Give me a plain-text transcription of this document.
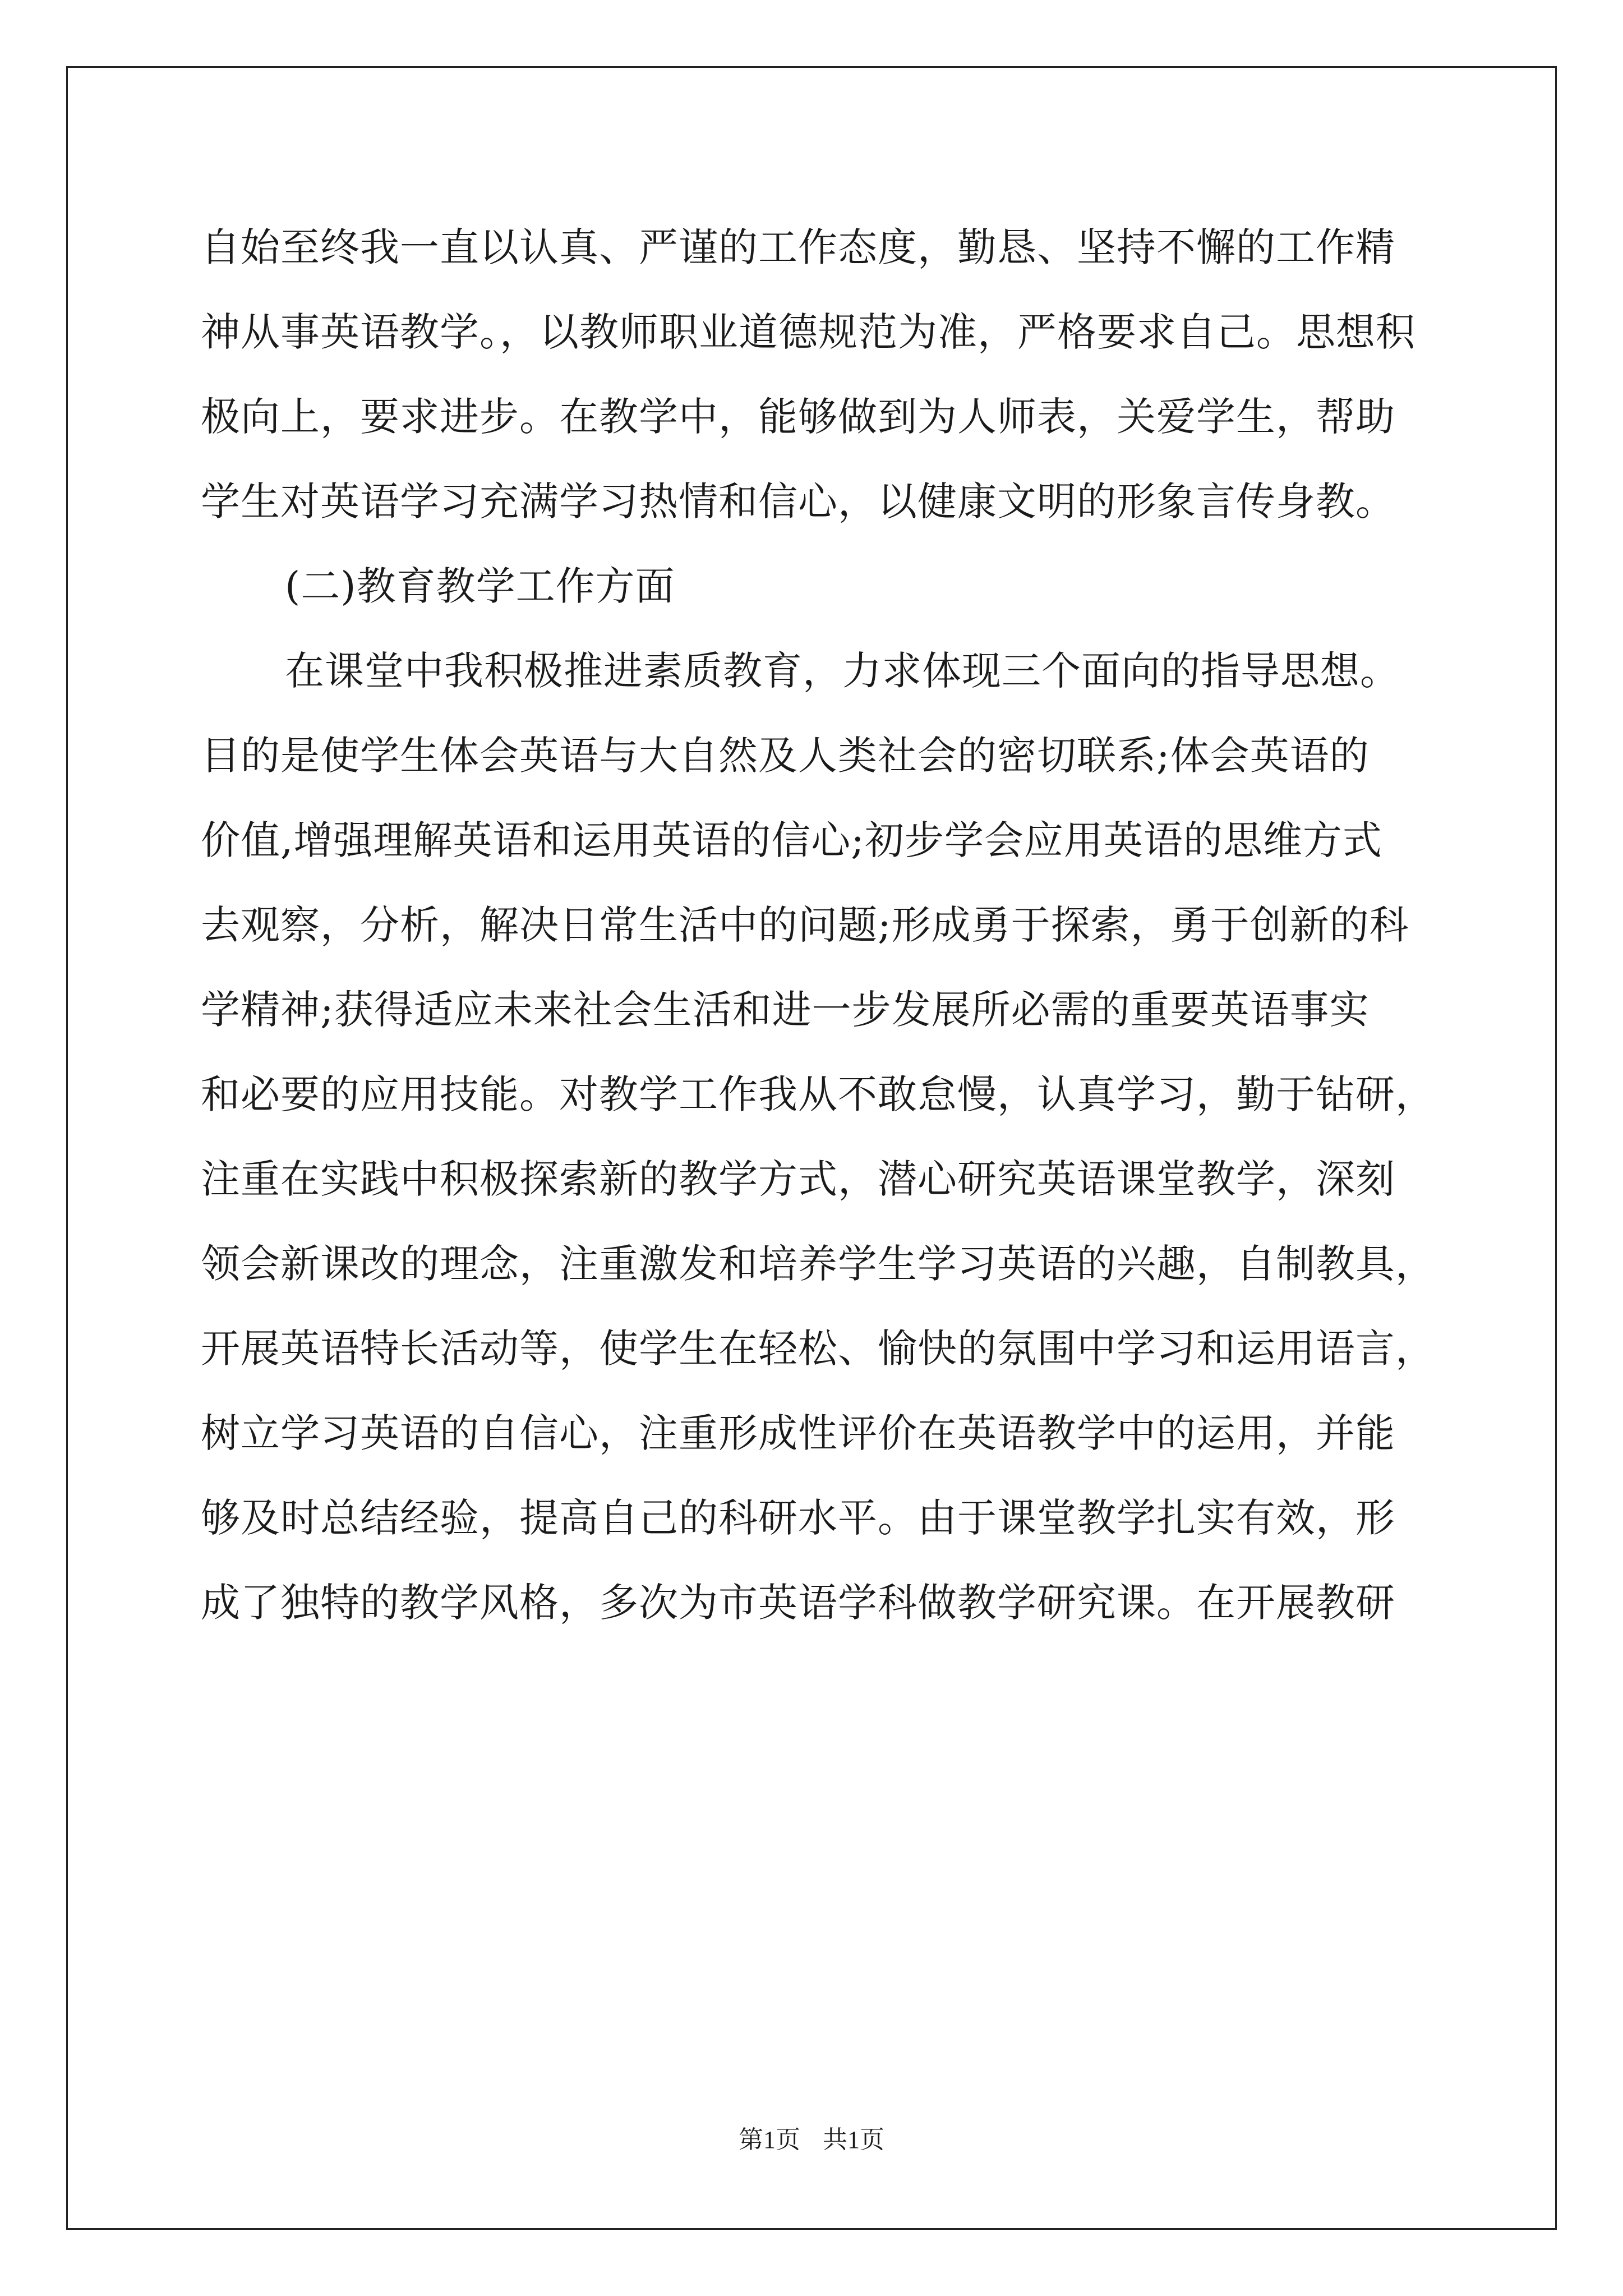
自始至终我一直以认真、严谨的工作态度，勤恳、坚持不懈的工作精
神从事英语教学。，以教师职业道德规范为准，严格要求自己。思想积
极向上，要求进步。在教学中，能够做到为人师表，关爱学生，帮助
学生对英语学习充满学习热情和信心，以健康文明的形象言传身教。
(二)教育教学工作方面
在课堂中我积极推进素质教育，力求体现三个面向的指导思想。
目的是使学生体会英语与大自然及人类社会的密切联系;体会英语的
价值,增强理解英语和运用英语的信心;初步学会应用英语的思维方式
去观察，分析，解决日常生活中的问题;形成勇于探索，勇于创新的科
学精神;获得适应未来社会生活和进一步发展所必需的重要英语事实
和必要的应用技能。对教学工作我从不敢怠慢，认真学习，勤于钻研，
注重在实践中积极探索新的教学方式，潜心研究英语课堂教学，深刻
领会新课改的理念，注重激发和培养学生学习英语的兴趣，自制教具，
开展英语特长活动等，使学生在轻松、愉快的氛围中学习和运用语言，
树立学习英语的自信心，注重形成性评价在英语教学中的运用，并能
够及时总结经验，提高自己的科研水平。由于课堂教学扎实有效，形
成了独特的教学风格，多次为市英语学科做教学研究课。在开展教研
第1页 共1页
